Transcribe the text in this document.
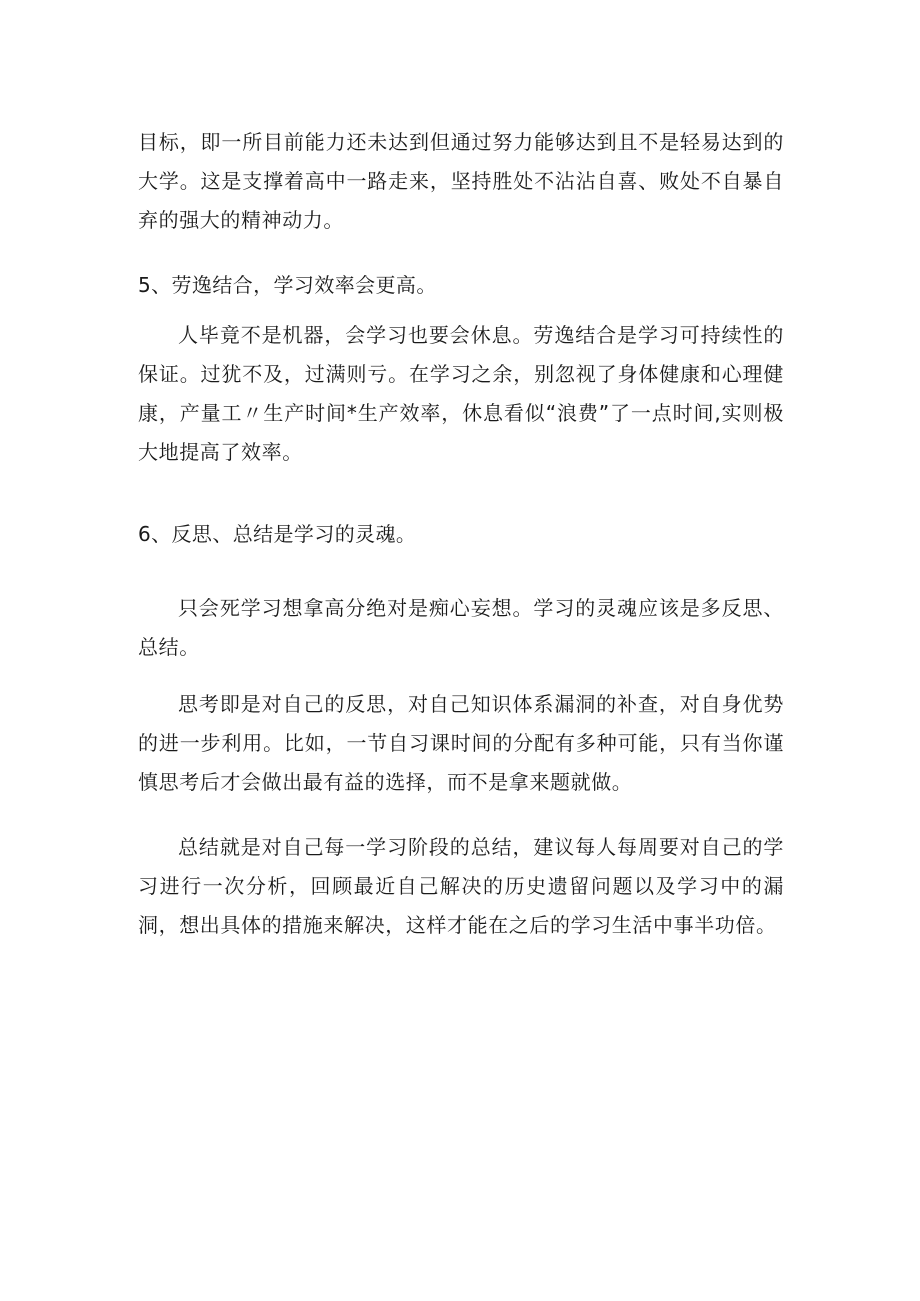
目标，即一所目前能力还未达到但通过努力能够达到且不是轻易达到的大学。这是支撑着高中一路走来，坚持胜处不沾沾自喜、败处不自暴自弃的强大的精神动力。

5、劳逸结合，学习效率会更高。

人毕竟不是机器，会学习也要会休息。劳逸结合是学习可持续性的保证。过犹不及，过满则亏。在学习之余，别忽视了身体健康和心理健康，产量工〃生产时间*生产效率，休息看似“浪费”了一点时间,实则极大地提高了效率。

6、反思、总结是学习的灵魂。

只会死学习想拿高分绝对是痴心妄想。学习的灵魂应该是多反思、总结。

思考即是对自己的反思，对自己知识体系漏洞的补查，对自身优势的进一步利用。比如，一节自习课时间的分配有多种可能，只有当你谨慎思考后才会做出最有益的选择，而不是拿来题就做。

总结就是对自己每一学习阶段的总结，建议每人每周要对自己的学习进行一次分析，回顾最近自己解决的历史遗留问题以及学习中的漏洞，想出具体的措施来解决，这样才能在之后的学习生活中事半功倍。
